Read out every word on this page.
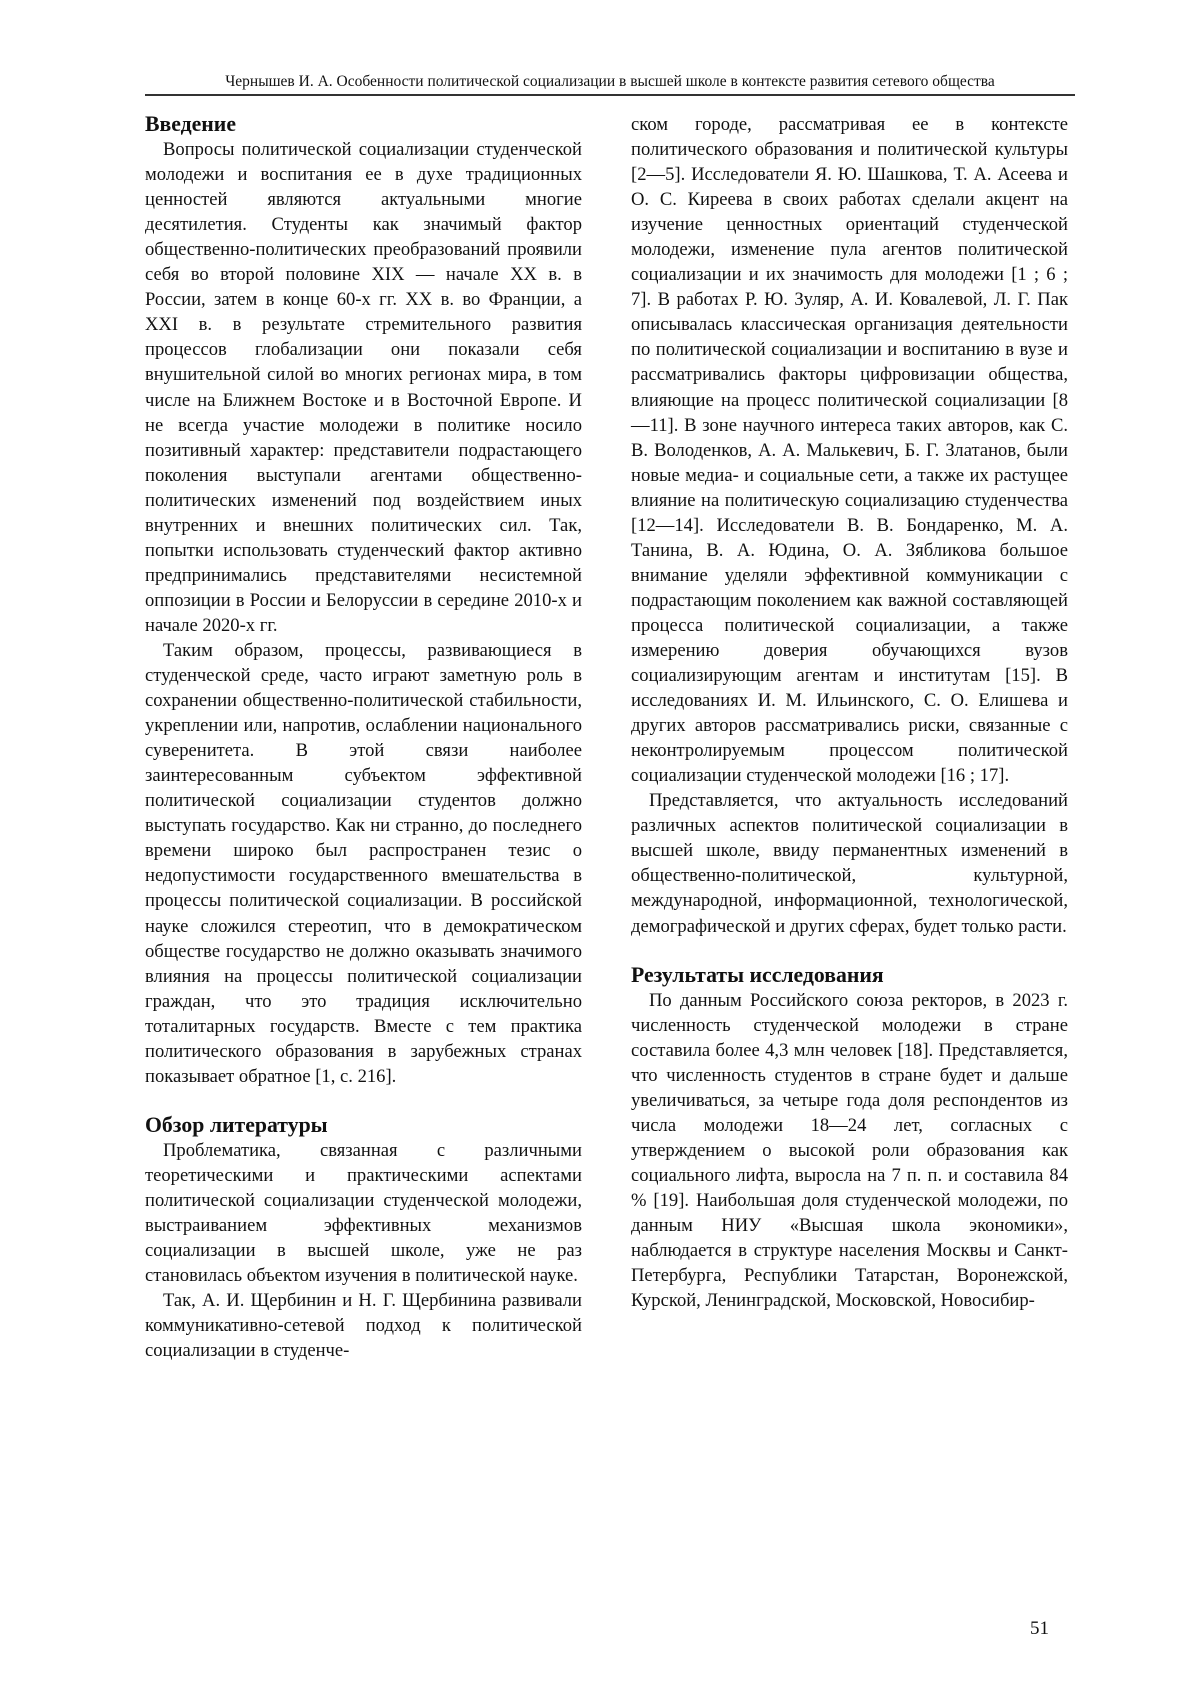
Чернышев И. А. Особенности политической социализации в высшей школе в контексте развития сетевого общества
Введение

Вопросы политической социализации студенческой молодежи и воспитания ее в духе традиционных ценностей являются актуальными многие десятилетия. Студенты как значимый фактор общественно-политических преобразований проявили себя во второй половине XIX — начале XX в. в России, затем в конце 60-х гг. XX в. во Франции, а XXI в. в результате стремительного развития процессов глобализации они показали себя внушительной силой во многих регионах мира, в том числе на Ближнем Востоке и в Восточной Европе. И не всегда участие молодежи в политике носило позитивный характер: представители подрастающего поколения выступали агентами общественно-политических изменений под воздействием иных внутренних и внешних политических сил. Так, попытки использовать студенческий фактор активно предпринимались представителями несистемной оппозиции в России и Белоруссии в середине 2010-х и начале 2020-х гг.

Таким образом, процессы, развивающиеся в студенческой среде, часто играют заметную роль в сохранении общественно-политической стабильности, укреплении или, напротив, ослаблении национального суверенитета. В этой связи наиболее заинтересованным субъектом эффективной политической социализации студентов должно выступать государство. Как ни странно, до последнего времени широко был распространен тезис о недопустимости государственного вмешательства в процессы политической социализации. В российской науке сложился стереотип, что в демократическом обществе государство не должно оказывать значимого влияния на процессы политической социализации граждан, что это традиция исключительно тоталитарных государств. Вместе с тем практика политического образования в зарубежных странах показывает обратное [1, с. 216].

Обзор литературы

Проблематика, связанная с различными теоретическими и практическими аспектами политической социализации студенческой молодежи, выстраиванием эффективных механизмов социализации в высшей школе, уже не раз становилась объектом изучения в политической науке.

Так, А. И. Щербинин и Н. Г. Щербинина развивали коммуникативно-сетевой подход к политической социализации в студенче-

ском городе, рассматривая ее в контексте политического образования и политической культуры [2—5]. Исследователи Я. Ю. Шашкова, Т. А. Асеева и О. С. Киреева в своих работах сделали акцент на изучение ценностных ориентаций студенческой молодежи, изменение пула агентов политической социализации и их значимость для молодежи [1 ; 6 ; 7]. В работах Р. Ю. Зуляр, А. И. Ковалевой, Л. Г. Пак описывалась классическая организация деятельности по политической социализации и воспитанию в вузе и рассматривались факторы цифровизации общества, влияющие на процесс политической социализации [8—11]. В зоне научного интереса таких авторов, как С. В. Володенков, А. А. Малькевич, Б. Г. Златанов, были новые медиа- и социальные сети, а также их растущее влияние на политическую социализацию студенчества [12—14]. Исследователи В. В. Бондаренко, М. А. Танина, В. А. Юдина, О. А. Зябликова большое внимание уделяли эффективной коммуникации с подрастающим поколением как важной составляющей процесса политической социализации, а также измерению доверия обучающихся вузов социализирующим агентам и институтам [15]. В исследованиях И. М. Ильинского, С. О. Елишева и других авторов рассматривались риски, связанные с неконтролируемым процессом политической социализации студенческой молодежи [16 ; 17].

Представляется, что актуальность исследований различных аспектов политической социализации в высшей школе, ввиду перманентных изменений в общественно-политической, культурной, международной, информационной, технологической, демографической и других сферах, будет только расти.

Результаты исследования

По данным Российского союза ректоров, в 2023 г. численность студенческой молодежи в стране составила более 4,3 млн человек [18]. Представляется, что численность студентов в стране будет и дальше увеличиваться, за четыре года доля респондентов из числа молодежи 18—24 лет, согласных с утверждением о высокой роли образования как социального лифта, выросла на 7 п. п. и составила 84 % [19]. Наибольшая доля студенческой молодежи, по данным НИУ «Высшая школа экономики», наблюдается в структуре населения Москвы и Санкт-Петербурга, Республики Татарстан, Воронежской, Курской, Ленинградской, Московской, Новосибир-

51
